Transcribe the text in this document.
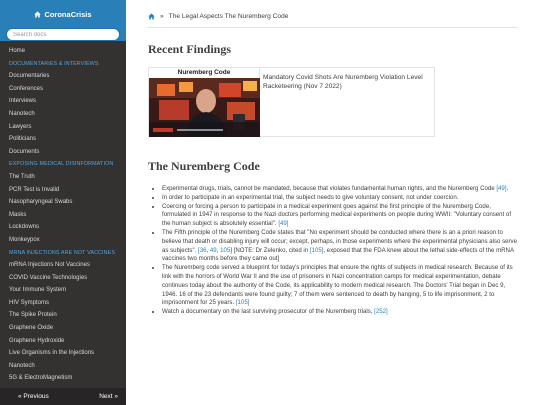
CoronaCrisis
Search docs
Home
DOCUMENTARIES & INTERVIEWS
Documentaries
Conferences
Interviews
Nanotech
Lawyers
Politicians
Documents
EXPOSING MEDICAL DISINFORMATION
The Truth
PCR Test is Invalid
Nasopharyngeal Swabs
Masks
Lockdowns
Monkeypox
MRNA INJECTIONS ARE NOT VACCINES
mRNA Injections Not Vaccines
COVID Vaccine Technologies
Your Immune System
HIV Symptoms
The Spike Protein
Graphene Oxide
Graphene Hydroxide
Live Organisms in the Injections
Nanotech
5G & ElectroMagnetism
« Previous	Next »
» The Legal Aspects The Nuremberg Code
Recent Findings
Nuremberg Code
Mandatory Covid Shots Are Nuremberg Violation Level Racketeering (Nov 7 2022)
The Nuremberg Code
• Experimental drugs, trials, cannot be mandated, because that violates fundamental human rights, and the Nuremberg Code [49].
• In order to participate in an experimental trial, the subject needs to give voluntary consent, not under coercion.
• Coercing or forcing a person to participate in a medical experiment goes against the first principle of the Nuremberg Code, formulated in 1947 in response to the Nazi doctors performing medical experiments on people during WWII: "Voluntary consent of the human subject is absolutely essential". [49]
• The Fifth principle of the Nuremberg Code states that "No experiment should be conducted where there is an a priori reason to believe that death or disabling injury will occur; except, perhaps, in those experiments where the experimental physicians also serve as subjects". [36, 49, 105] [NOTE: Dr Zelenko, cited in [105], exposed that the FDA knew about the lethal side-effects of the mRNA vaccines two months before they came out]
• The Nuremberg code served a blueprint for today's principles that ensure the rights of subjects in medical research. Because of its link with the horrors of World War II and the use of prisoners in Nazi concentration camps for medical experimentation, debate continues today about the authority of the Code, its applicability to modern medical research. The Doctors' Trial began in Dec 9, 1946. 16 of the 23 defendants were found guilty; 7 of them were sentenced to death by hanging, 5 to life imprisonment, 2 to imprisonment for 25 years. [105]
• Watch a documentary on the last surviving prosecutor of the Nuremberg trials, [252]
